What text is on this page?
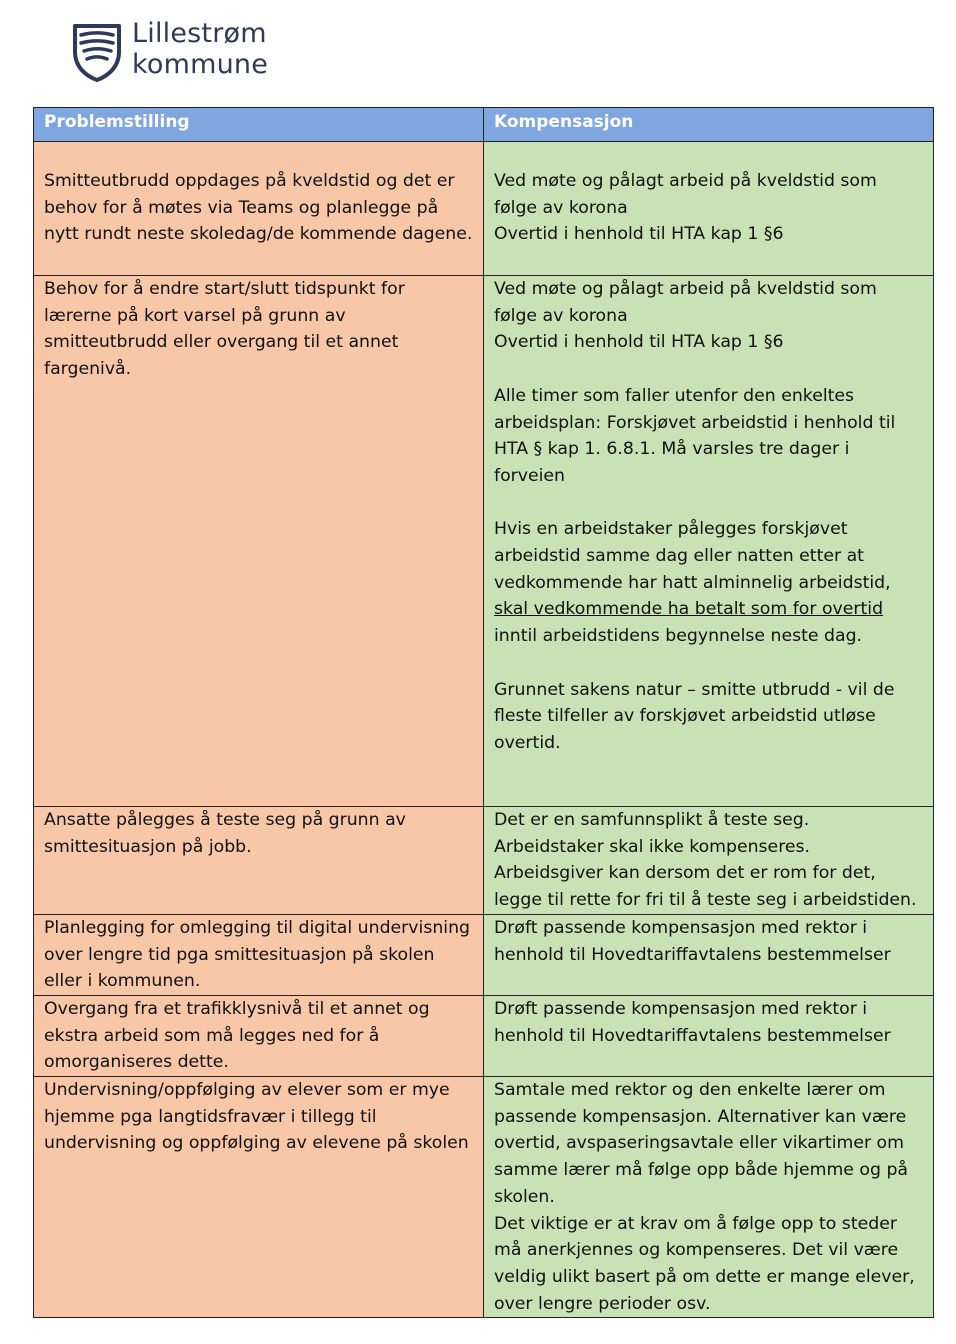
Lillestrøm
kommune
Problemstilling	Kompensasjon

Smitteutbrudd oppdages på kveldstid og det er behov for å møtes via Teams og planlegge på nytt rundt neste skoledag/de kommende dagene.	Ved møte og pålagt arbeid på kveldstid som følge av korona

Overtid i henhold til HTA kap 1 §6

Behov for å endre start/slutt tidspunkt for lærerne på kort varsel på grunn av smitteutbrudd eller overgang til et annet fargenivå.	Ved møte og pålagt arbeid på kveldstid som følge av korona

Overtid i henhold til HTA kap 1 §6

Alle timer som faller utenfor den enkeltes arbeidsplan: Forskjøvet arbeidstid i henhold til HTA § kap 1. 6.8.1. Må varsles tre dager i forveien

Hvis en arbeidstaker pålegges forskjøvet arbeidstid samme dag eller natten etter at vedkommende har hatt alminnelig arbeidstid, skal vedkommende ha betalt som for overtid inntil arbeidstidens begynnelse neste dag.

Grunnet sakens natur – smitte utbrudd - vil de fleste tilfeller av forskjøvet arbeidstid utløse overtid.

Ansatte pålegges å teste seg på grunn av smittesituasjon på jobb.	Det er en samfunnsplikt å teste seg.

Arbeidstaker skal ikke kompenseres.

Arbeidsgiver kan dersom det er rom for det, legge til rette for fri til å teste seg i arbeidstiden.

Planlegging for omlegging til digital undervisning over lengre tid pga smittesituasjon på skolen eller i kommunen.	Drøft passende kompensasjon med rektor i henhold til Hovedtariffavtalens bestemmelser

Overgang fra et trafikklysnivå til et annet og ekstra arbeid som må legges ned for å omorganiseres dette.	Drøft passende kompensasjon med rektor i henhold til Hovedtariffavtalens bestemmelser

Undervisning/oppfølging av elever som er mye hjemme pga langtidsfravær i tillegg til undervisning og oppfølging av elevene på skolen	Samtale med rektor og den enkelte lærer om passende kompensasjon. Alternativer kan være overtid, avspaseringsavtale eller vikartimer om samme lærer må følge opp både hjemme og på skolen.

Det viktige er at krav om å følge opp to steder må anerkjennes og kompenseres. Det vil være veldig ulikt basert på om dette er mange elever, over lengre perioder osv.
